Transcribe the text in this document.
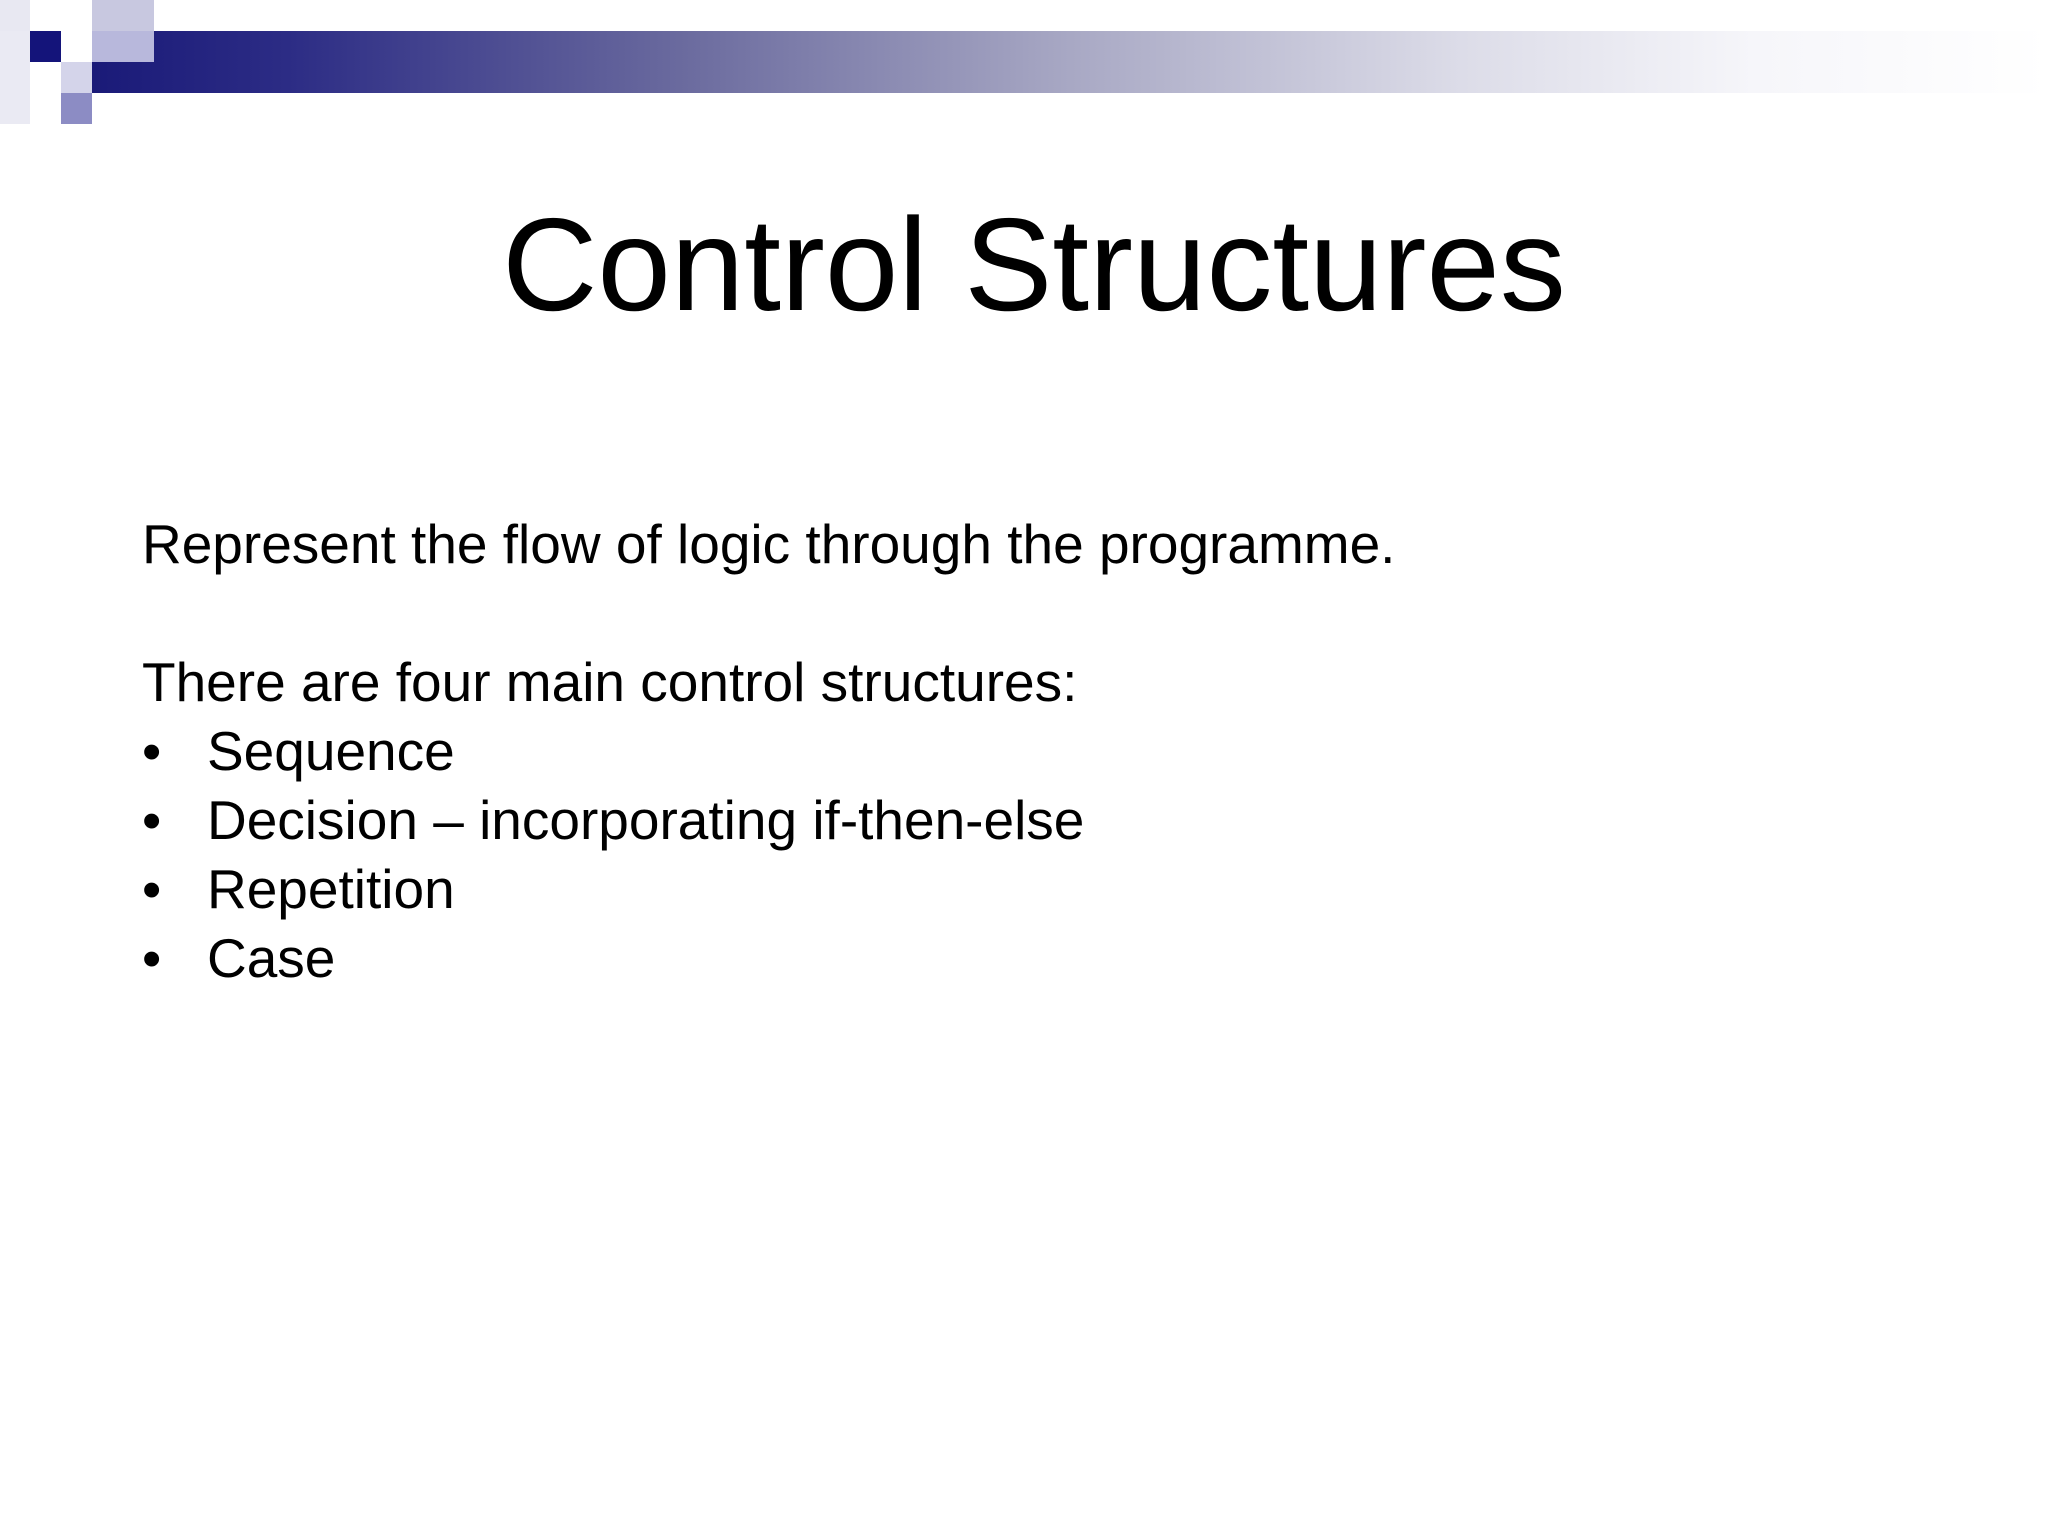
Control Structures

Represent the flow of logic through the programme.

There are four main control structures:

• Sequence
• Decision – incorporating if-then-else
• Repetition
• Case
